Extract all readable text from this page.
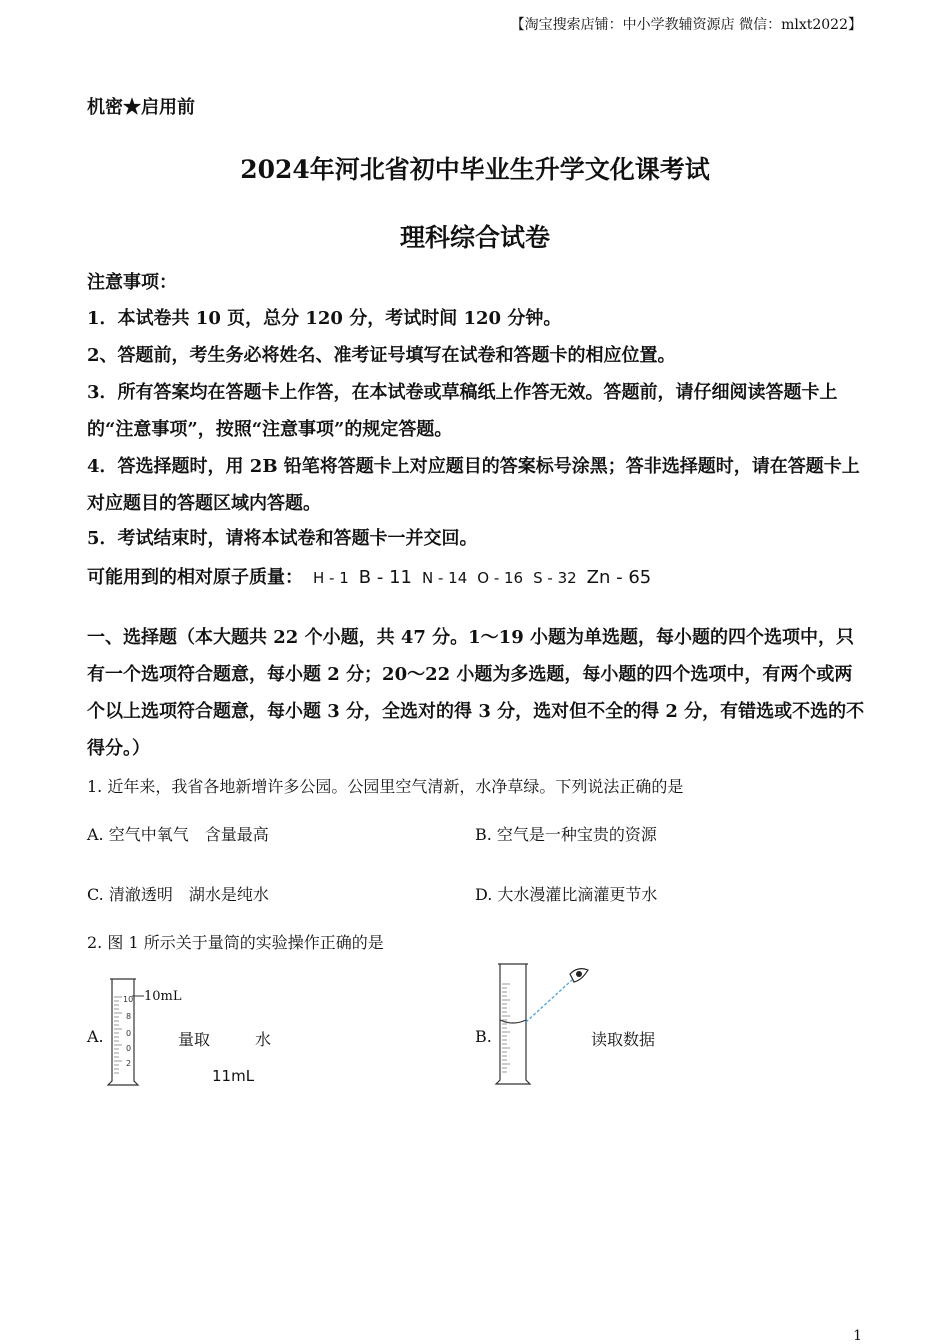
【淘宝搜索店铺：中小学教辅资源店 微信：mlxt2022】
机密★启用前
2024年河北省初中毕业生升学文化课考试
理科综合试卷
注意事项：
1．本试卷共 10 页，总分 120 分，考试时间 120 分钟。
2、答题前，考生务必将姓名、准考证号填写在试卷和答题卡的相应位置。
3．所有答案均在答题卡上作答，在本试卷或草稿纸上作答无效。答题前，请仔细阅读答题卡上的“注意事项”，按照“注意事项”的规定答题。
4．答选择题时，用 2B 铅笔将答题卡上对应题目的答案标号涂黑；答非选择题时，请在答题卡上对应题目的答题区域内答题。
5．考试结束时，请将本试卷和答题卡一并交回。
可能用到的相对原子质量： H - 1 B - 11 N - 14 O - 16 S - 32 Zn - 65
一、选择题（本大题共 22 个小题，共 47 分。1～19 小题为单选题，每小题的四个选项中，只有一个选项符合题意，每小题 2 分；20～22 小题为多选题，每小题的四个选项中，有两个或两个以上选项符合题意，每小题 3 分，全选对的得 3 分，选对但不全的得 2 分，有错选或不选的不得分。）
1. 近年来，我省各地新增许多公园。公园里空气清新，水净草绿。下列说法正确的是
A. 空气中氧气　含量最高	B. 空气是一种宝贵的资源
C. 清澈透明　湖水是纯水	D. 大水漫灌比滴灌更节水
2. 图 1 所示关于量筒的实验操作正确的是
A.
10
8
0
0
2
10mL
量取	水
11mL
B.	读取数据
1
